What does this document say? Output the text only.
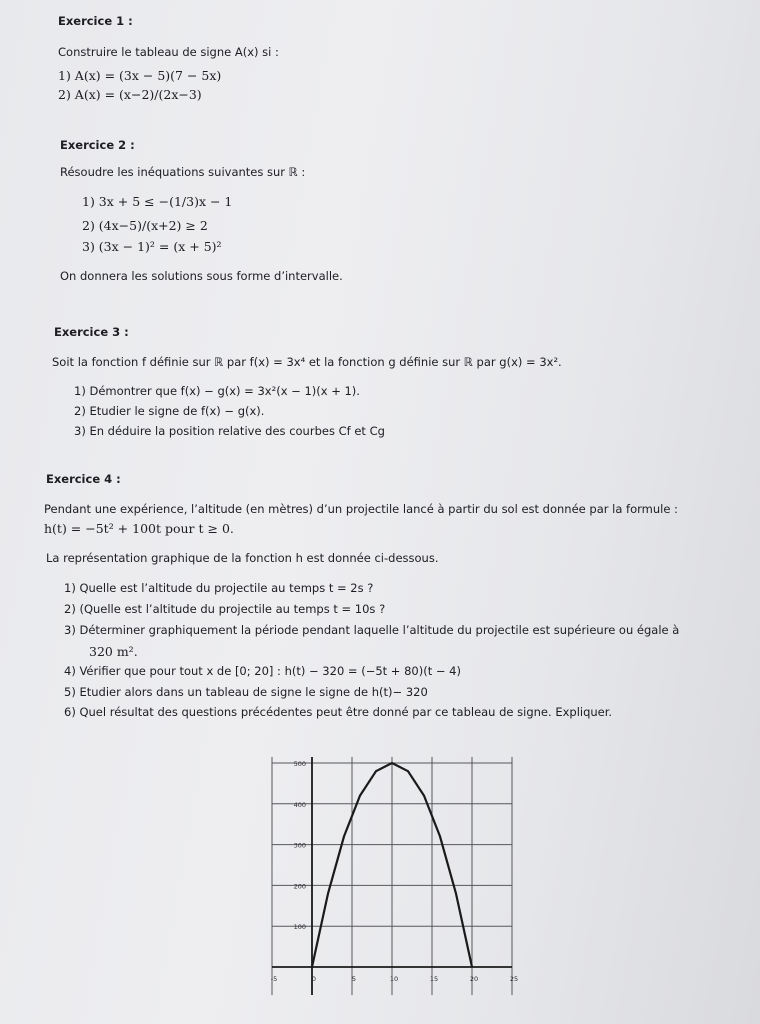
Exercice 1 :
Construire le tableau de signe A(x) si :
1) A(x) = (3x − 5)(7 − 5x)
2) A(x) = (x−2)/(2x−3)
Exercice 2 :
Résoudre les inéquations suivantes sur ℝ :
1) 3x + 5 ≤ −(1/3)x − 1
2) (4x−5)/(x+2) ≥ 2
3) (3x − 1)² = (x + 5)²
On donnera les solutions sous forme d’intervalle.
Exercice 3 :
Soit la fonction f définie sur ℝ par f(x) = 3x⁴ et la fonction g définie sur ℝ par g(x) = 3x².
1) Démontrer que f(x) − g(x) = 3x²(x − 1)(x + 1).
2) Etudier le signe de f(x) − g(x).
3) En déduire la position relative des courbes Cf et Cg
Exercice 4 :
Pendant une expérience, l’altitude (en mètres) d’un projectile lancé à partir du sol est donnée par la formule :
h(t) = −5t² + 100t pour t ≥ 0.
La représentation graphique de la fonction h est donnée ci-dessous.
1) Quelle est l’altitude du projectile au temps t = 2s ?
2) (Quelle est l’altitude du projectile au temps t = 10s ?
3) Déterminer graphiquement la période pendant laquelle l’altitude du projectile est supérieure ou égale à
320 m².
4) Vérifier que pour tout x de [0; 20] : h(t) − 320 = (−5t + 80)(t − 4)
5) Etudier alors dans un tableau de signe le signe de h(t)− 320
6) Quel résultat des questions précédentes peut être donné par ce tableau de signe. Expliquer.
100
200
300
400
500
-5	0	5	10	15	20	25
